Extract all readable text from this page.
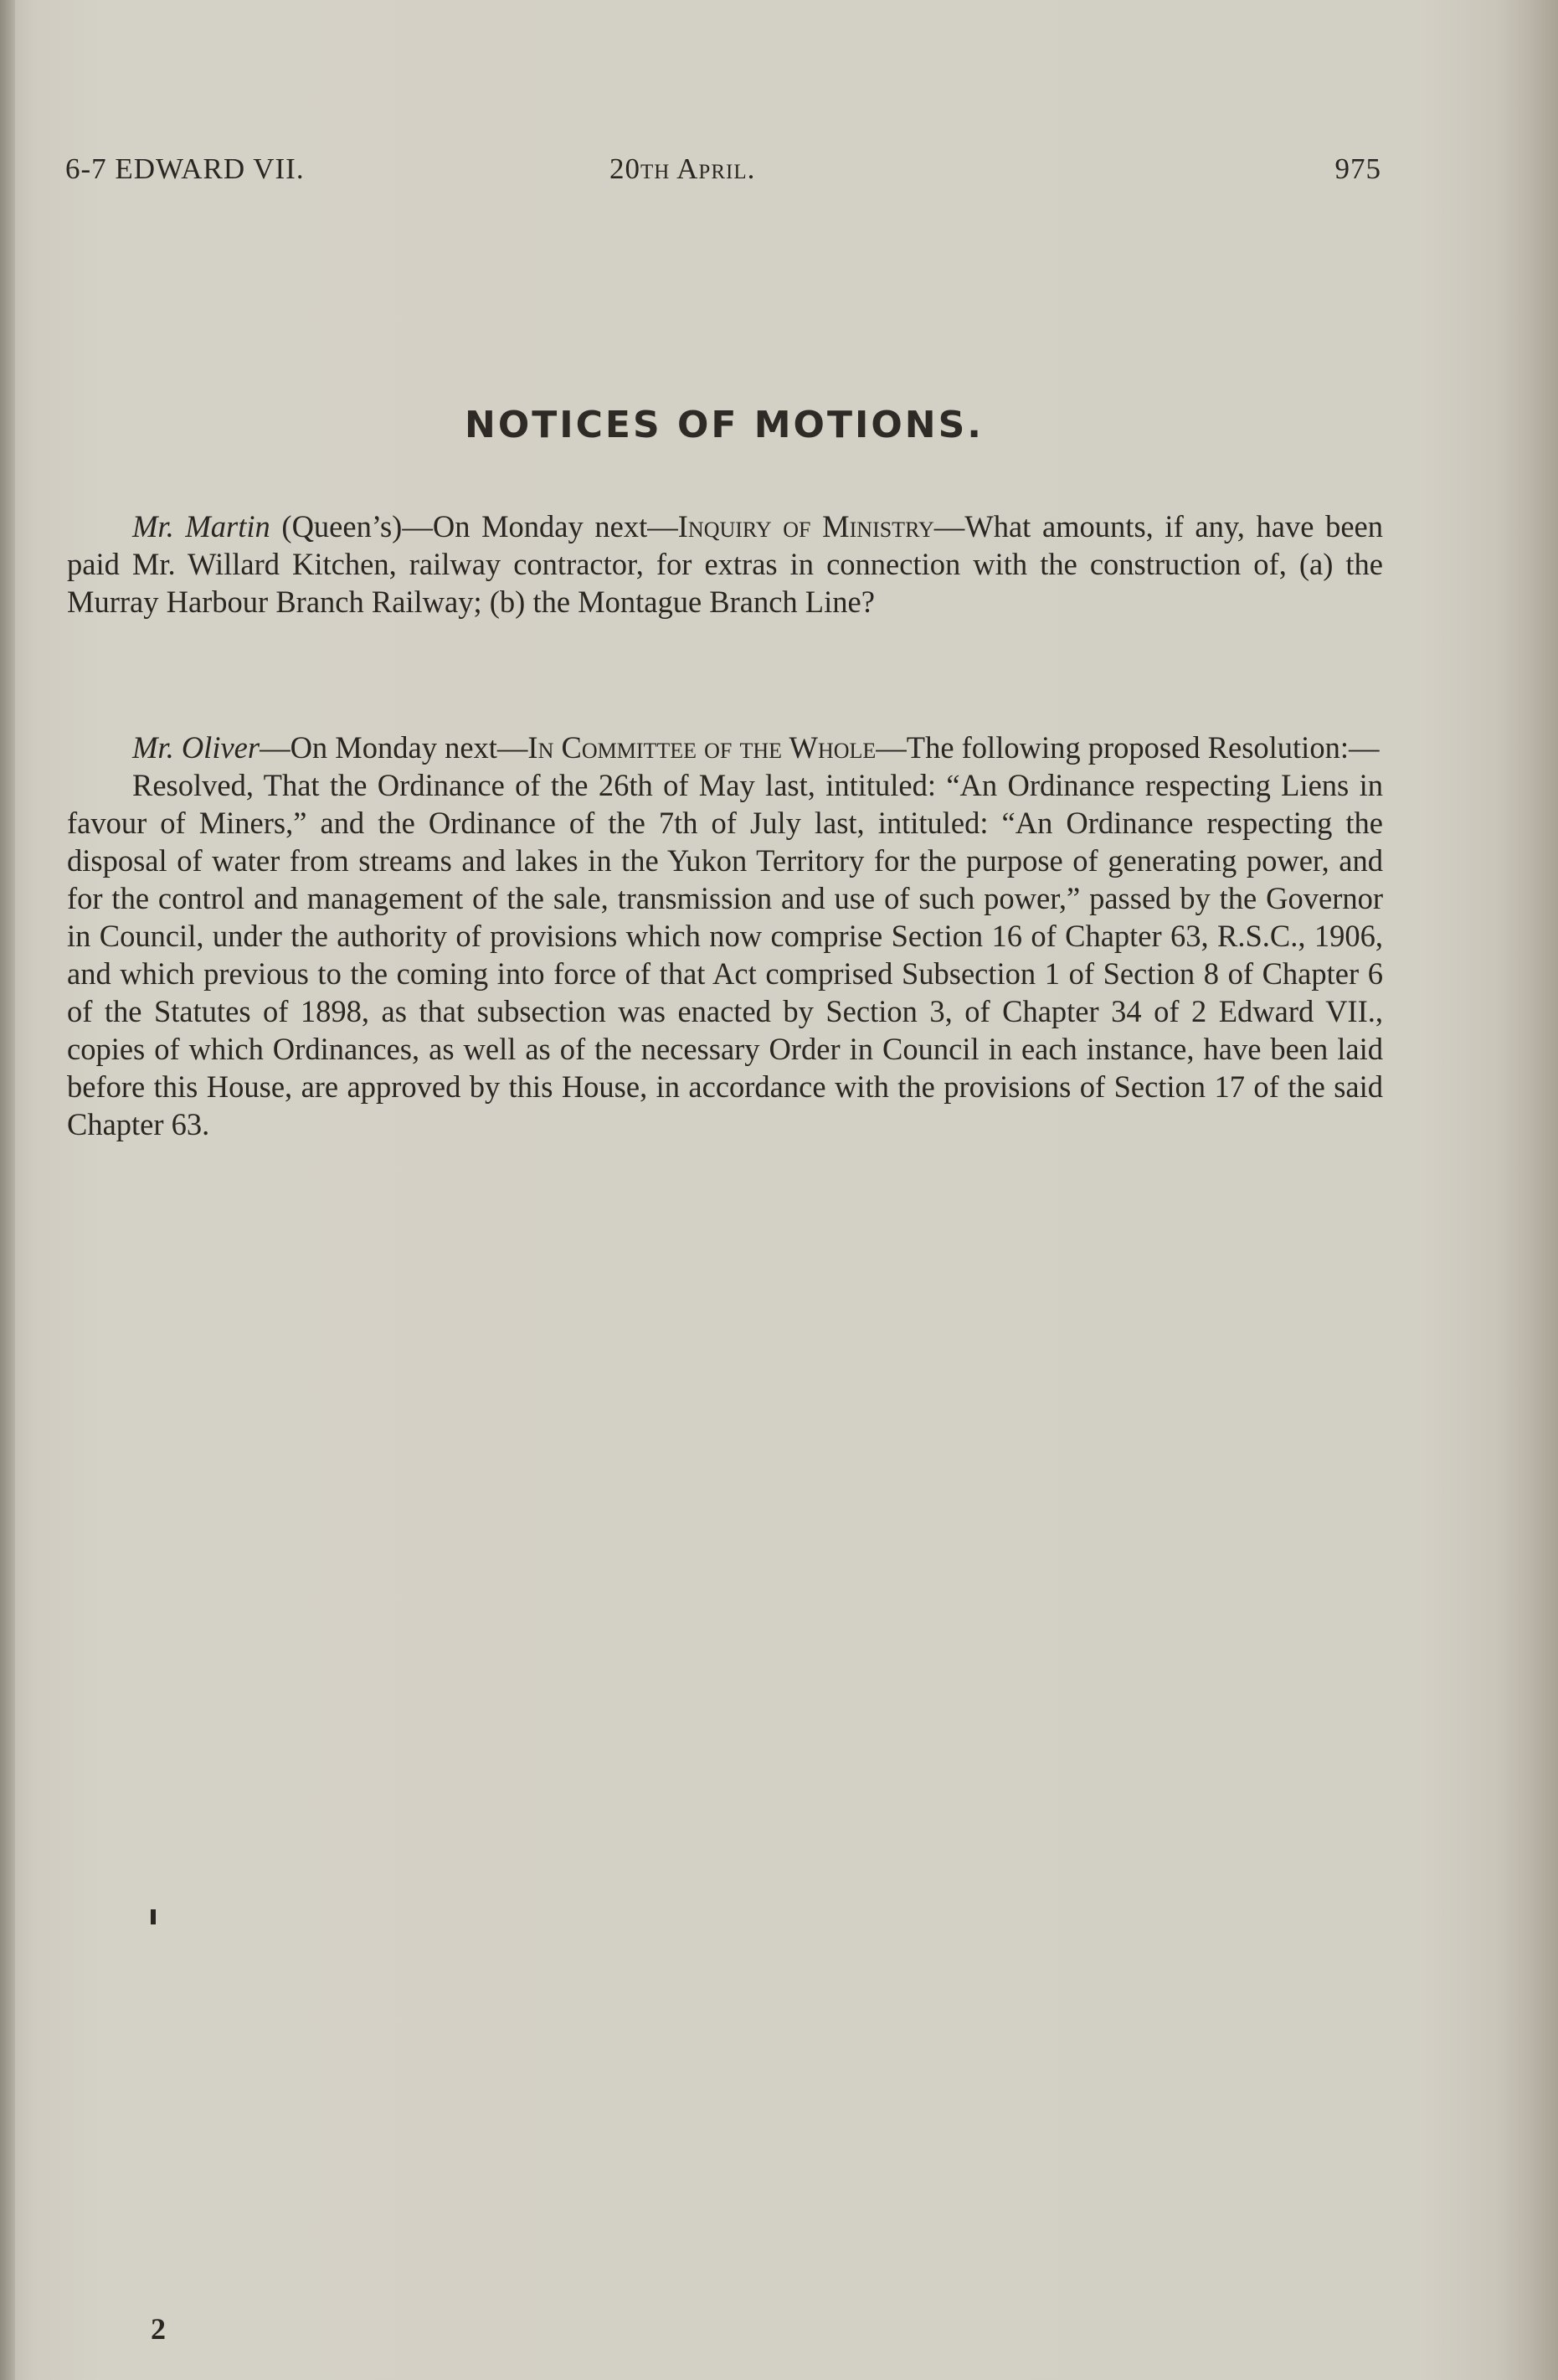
6-7 EDWARD VII.	20th April.	975
NOTICES OF MOTIONS.

Mr. Martin (Queen’s)—On Monday next—Inquiry of Ministry—What amounts, if any, have been paid Mr. Willard Kitchen, railway contractor, for extras in connection with the construction of, (a) the Murray Harbour Branch Railway; (b) the Montague Branch Line?

Mr. Oliver—On Monday next—In Committee of the Whole—The following proposed Resolution:—

Resolved, That the Ordinance of the 26th of May last, intituled: “An Ordinance respecting Liens in favour of Miners,” and the Ordinance of the 7th of July last, intituled: “An Ordinance respecting the disposal of water from streams and lakes in the Yukon Territory for the purpose of generating power, and for the control and management of the sale, transmission and use of such power,” passed by the Governor in Council, under the authority of provisions which now comprise Section 16 of Chapter 63, R.S.C., 1906, and which previous to the coming into force of that Act comprised Subsection 1 of Section 8 of Chapter 6 of the Statutes of 1898, as that subsection was enacted by Section 3, of Chapter 34 of 2 Edward VII., copies of which Ordinances, as well as of the necessary Order in Council in each instance, have been laid before this House, are approved by this House, in accordance with the provisions of Section 17 of the said Chapter 63.

2
